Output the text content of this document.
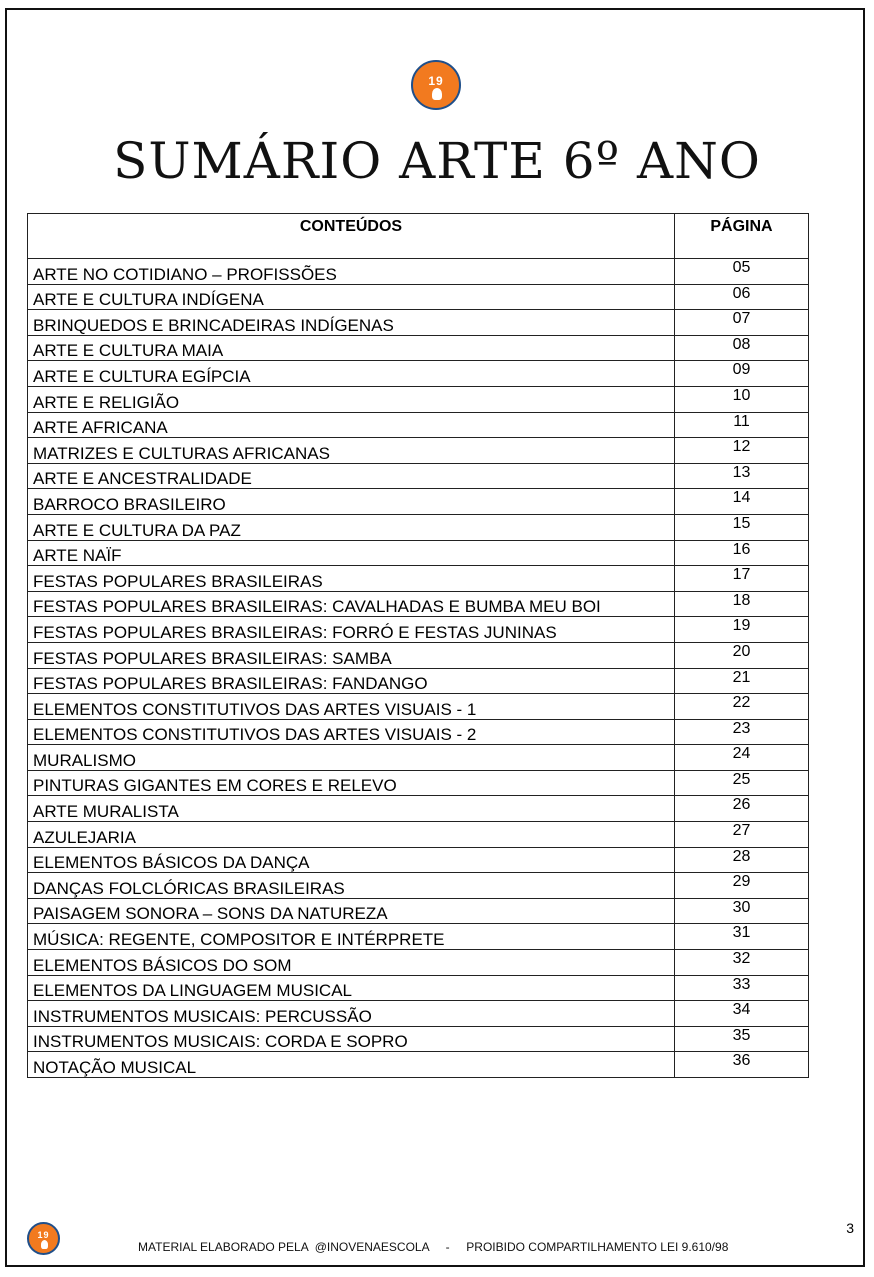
19
SUMÁRIO ARTE 6º ANO
CONTEÚDOS	PÁGINA
ARTE NO COTIDIANO – PROFISSÕES	05
ARTE E CULTURA INDÍGENA	06
BRINQUEDOS E BRINCADEIRAS INDÍGENAS	07
ARTE E CULTURA MAIA	08
ARTE E CULTURA EGÍPCIA	09
ARTE E RELIGIÃO	10
ARTE AFRICANA	11
MATRIZES E CULTURAS AFRICANAS	12
ARTE E ANCESTRALIDADE	13
BARROCO BRASILEIRO	14
ARTE E CULTURA DA PAZ	15
ARTE NAÏF	16
FESTAS POPULARES BRASILEIRAS	17
FESTAS POPULARES BRASILEIRAS: CAVALHADAS E BUMBA MEU BOI	18
FESTAS POPULARES BRASILEIRAS: FORRÓ E FESTAS JUNINAS	19
FESTAS POPULARES BRASILEIRAS: SAMBA	20
FESTAS POPULARES BRASILEIRAS: FANDANGO	21
ELEMENTOS CONSTITUTIVOS DAS ARTES VISUAIS - 1	22
ELEMENTOS CONSTITUTIVOS DAS ARTES VISUAIS - 2	23
MURALISMO	24
PINTURAS GIGANTES EM CORES E RELEVO	25
ARTE MURALISTA	26
AZULEJARIA	27
ELEMENTOS BÁSICOS DA DANÇA	28
DANÇAS FOLCLÓRICAS BRASILEIRAS	29
PAISAGEM SONORA – SONS DA NATUREZA	30
MÚSICA: REGENTE, COMPOSITOR E INTÉRPRETE	31
ELEMENTOS BÁSICOS DO SOM	32
ELEMENTOS DA LINGUAGEM MUSICAL	33
INSTRUMENTOS MUSICAIS: PERCUSSÃO	34
INSTRUMENTOS MUSICAIS: CORDA E SOPRO	35
NOTAÇÃO MUSICAL	36
19
MATERIAL ELABORADO PELA  @INOVENAESCOLA     -     PROIBIDO COMPARTILHAMENTO LEI 9.610/98
3
